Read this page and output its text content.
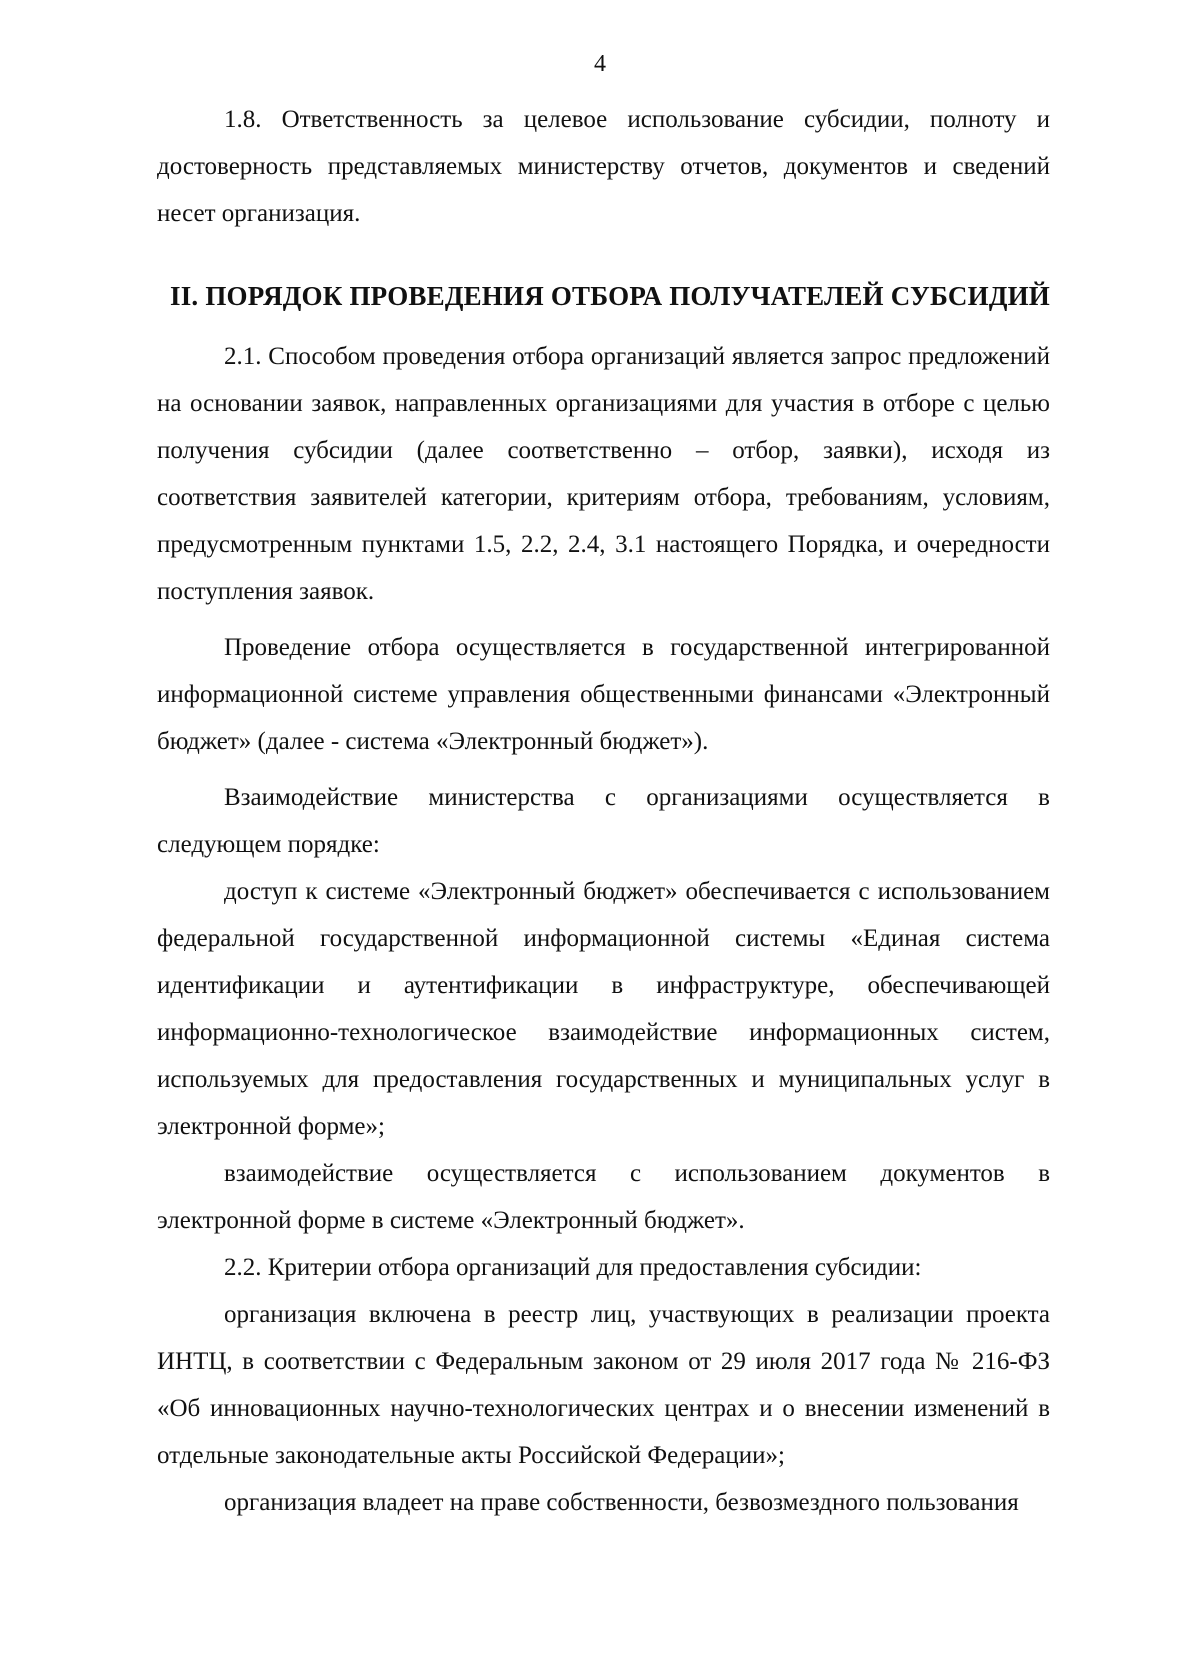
4

1.8. Ответственность за целевое использование субсидии, полноту и достоверность представляемых министерству отчетов, документов и сведений несет организация.

II. ПОРЯДОК ПРОВЕДЕНИЯ ОТБОРА ПОЛУЧАТЕЛЕЙ СУБСИДИЙ

2.1. Способом проведения отбора организаций является запрос предложений на основании заявок, направленных организациями для участия в отборе с целью получения субсидии (далее соответственно – отбор, заявки), исходя из соответствия заявителей категории, критериям отбора, требованиям, условиям, предусмотренным пунктами 1.5, 2.2, 2.4, 3.1 настоящего Порядка, и очередности поступления заявок.

Проведение отбора осуществляется в государственной интегрированной информационной системе управления общественными финансами «Электронный бюджет» (далее - система «Электронный бюджет»).

Взаимодействие министерства с организациями осуществляется в следующем порядке:

доступ к системе «Электронный бюджет» обеспечивается с использованием федеральной государственной информационной системы «Единая система идентификации и аутентификации в инфраструктуре, обеспечивающей информационно-технологическое взаимодействие информационных систем, используемых для предоставления государственных и муниципальных услуг в электронной форме»;

взаимодействие осуществляется с использованием документов в электронной форме в системе «Электронный бюджет».

2.2. Критерии отбора организаций для предоставления субсидии:

организация включена в реестр лиц, участвующих в реализации проекта ИНТЦ, в соответствии с Федеральным законом от 29 июля 2017 года № 216-ФЗ «Об инновационных научно-технологических центрах и о внесении изменений в отдельные законодательные акты Российской Федерации»;

организация владеет на праве собственности, безвозмездного пользования
